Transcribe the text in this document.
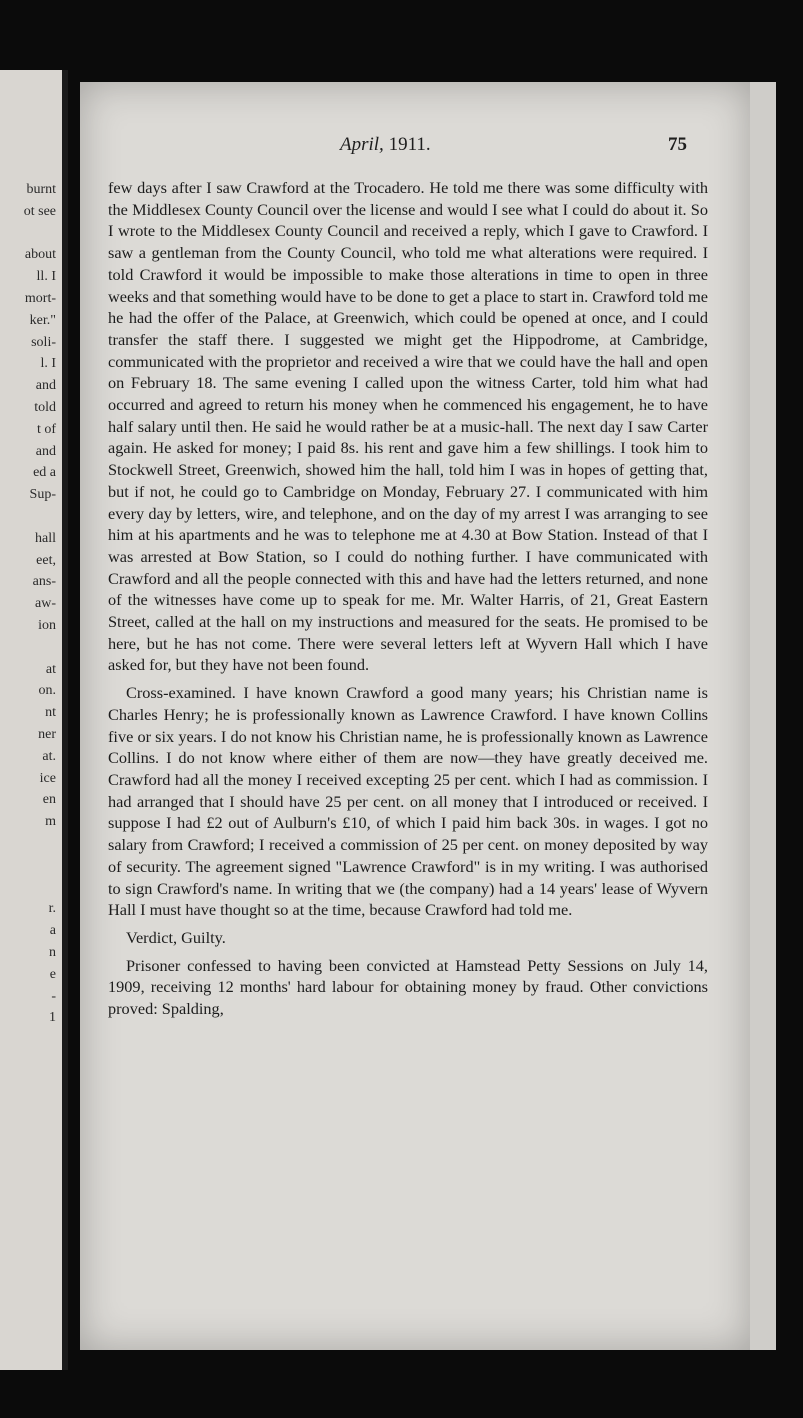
burnt
ot see
about
ll. I
mort-
ker."
soli-
l. I
and
told
t of
and
ed a
Sup-
hall
eet,
ans-
aw-
ion
at
on.
nt
ner
at.
ice
en
m
r.
a
n
e
-
1
April, 1911.	75

few days after I saw Crawford at the Trocadero. He told me there was some difficulty with the Middlesex County Council over the license and would I see what I could do about it. So I wrote to the Middlesex County Council and received a reply, which I gave to Crawford. I saw a gentleman from the County Council, who told me what alterations were required. I told Crawford it would be impossible to make those alterations in time to open in three weeks and that something would have to be done to get a place to start in. Crawford told me he had the offer of the Palace, at Greenwich, which could be opened at once, and I could transfer the staff there. I suggested we might get the Hippodrome, at Cambridge, communicated with the proprietor and received a wire that we could have the hall and open on February 18. The same evening I called upon the witness Carter, told him what had occurred and agreed to return his money when he commenced his engagement, he to have half salary until then. He said he would rather be at a music-hall. The next day I saw Carter again. He asked for money; I paid 8s. his rent and gave him a few shillings. I took him to Stockwell Street, Greenwich, showed him the hall, told him I was in hopes of getting that, but if not, he could go to Cambridge on Monday, February 27. I communicated with him every day by letters, wire, and telephone, and on the day of my arrest I was arranging to see him at his apartments and he was to telephone me at 4.30 at Bow Station. Instead of that I was arrested at Bow Station, so I could do nothing further. I have communicated with Crawford and all the people connected with this and have had the letters returned, and none of the witnesses have come up to speak for me. Mr. Walter Harris, of 21, Great Eastern Street, called at the hall on my instructions and measured for the seats. He promised to be here, but he has not come. There were several letters left at Wyvern Hall which I have asked for, but they have not been found.

Cross-examined. I have known Crawford a good many years; his Christian name is Charles Henry; he is professionally known as Lawrence Crawford. I have known Collins five or six years. I do not know his Christian name, he is professionally known as Lawrence Collins. I do not know where either of them are now—they have greatly deceived me. Crawford had all the money I received excepting 25 per cent. which I had as commission. I had arranged that I should have 25 per cent. on all money that I introduced or received. I suppose I had £2 out of Aulburn's £10, of which I paid him back 30s. in wages. I got no salary from Crawford; I received a commission of 25 per cent. on money deposited by way of security. The agreement signed "Lawrence Crawford" is in my writing. I was authorised to sign Crawford's name. In writing that we (the company) had a 14 years' lease of Wyvern Hall I must have thought so at the time, because Crawford had told me.

Verdict, Guilty.

Prisoner confessed to having been convicted at Hamstead Petty Sessions on July 14, 1909, receiving 12 months' hard labour for obtaining money by fraud. Other convictions proved: Spalding,
